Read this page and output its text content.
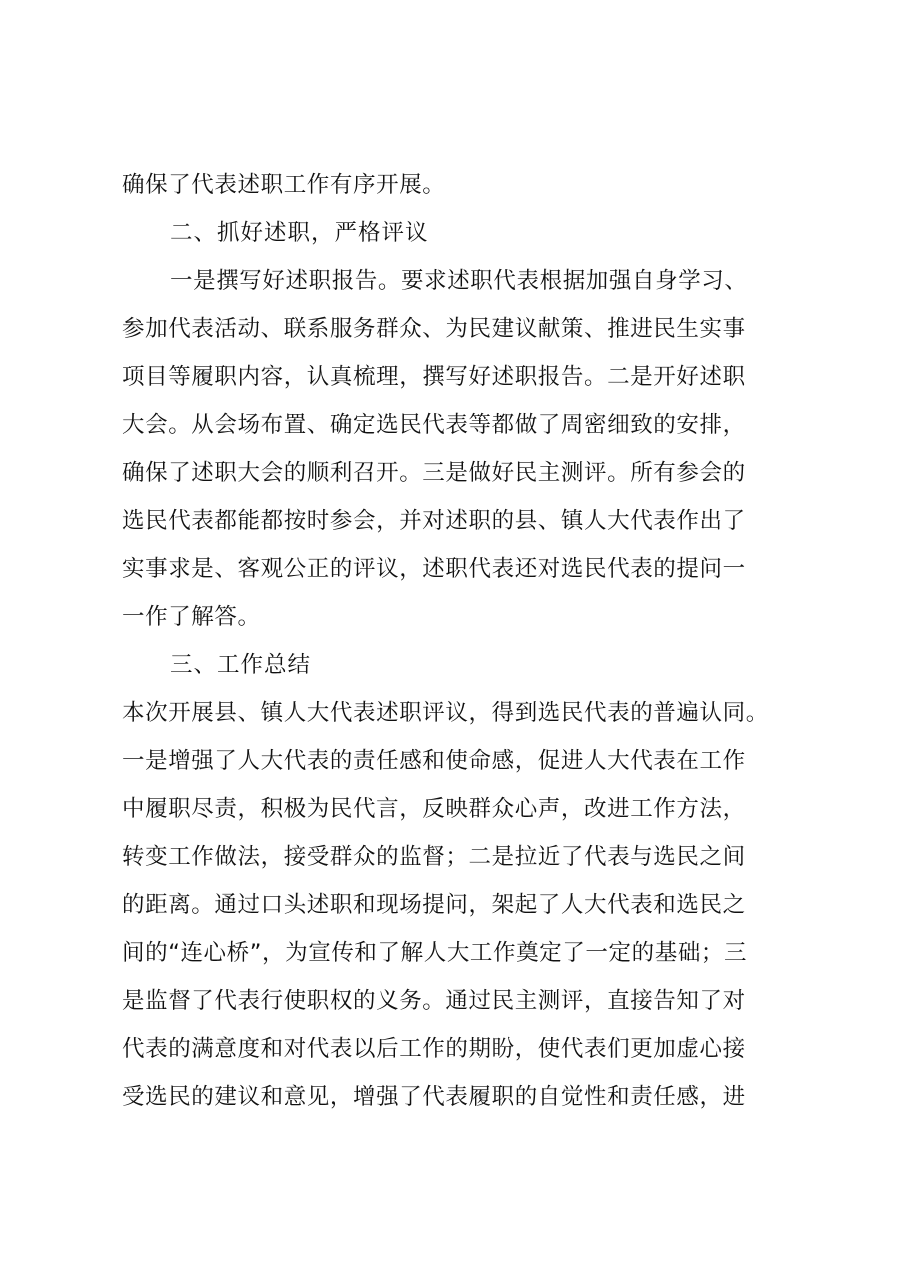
确保了代表述职工作有序开展。
二、抓好述职，严格评议
一是撰写好述职报告。要求述职代表根据加强自身学习、
参加代表活动、联系服务群众、为民建议献策、推进民生实事
项目等履职内容，认真梳理，撰写好述职报告。二是开好述职
大会。从会场布置、确定选民代表等都做了周密细致的安排，
确保了述职大会的顺利召开。三是做好民主测评。所有参会的
选民代表都能都按时参会，并对述职的县、镇人大代表作出了
实事求是、客观公正的评议，述职代表还对选民代表的提问一
一作了解答。
三、工作总结
本次开展县、镇人大代表述职评议，得到选民代表的普遍认同。
一是增强了人大代表的责任感和使命感，促进人大代表在工作
中履职尽责，积极为民代言，反映群众心声，改进工作方法，
转变工作做法，接受群众的监督；二是拉近了代表与选民之间
的距离。通过口头述职和现场提问，架起了人大代表和选民之
间的“连心桥”，为宣传和了解人大工作奠定了一定的基础；三
是监督了代表行使职权的义务。通过民主测评，直接告知了对
代表的满意度和对代表以后工作的期盼，使代表们更加虚心接
受选民的建议和意见，增强了代表履职的自觉性和责任感，进
